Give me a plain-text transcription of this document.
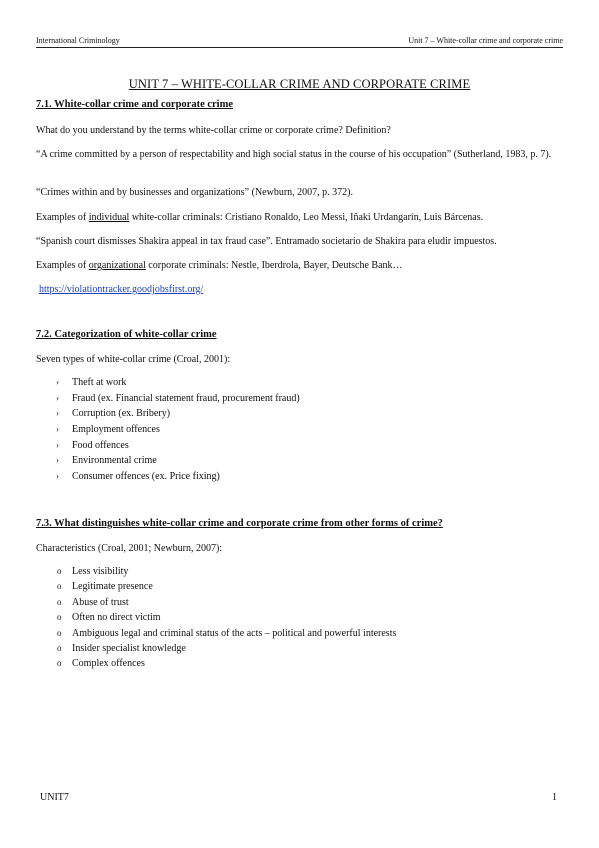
International Criminology	Unit 7 – White-collar crime and corporate crime
UNIT 7 – WHITE-COLLAR CRIME AND CORPORATE CRIME
7.1. White-collar crime and corporate crime
What do you understand by the terms white-collar crime or corporate crime? Definition?
“A crime committed by a person of respectability and high social status in the course of his occupation” (Sutherland, 1983, p. 7).
“Crimes within and by businesses and organizations” (Newburn, 2007, p. 372).
Examples of individual white-collar criminals: Cristiano Ronaldo, Leo Messi, Iñaki Urdangarín, Luis Bárcenas.
“Spanish court dismisses Shakira appeal in tax fraud case”. Entramado societario de Shakira para eludir impuestos.
Examples of organizational corporate criminals: Nestle, Iberdrola, Bayer, Deutsche Bank…
https://violationtracker.goodjobsfirst.org/
7.2. Categorization of white-collar crime
Seven types of white-collar crime (Croal, 2001):
› Theft at work
› Fraud (ex. Financial statement fraud, procurement fraud)
› Corruption (ex. Bribery)
› Employment offences
› Food offences
› Environmental crime
› Consumer offences (ex. Price fixing)
7.3. What distinguishes white-collar crime and corporate crime from other forms of crime?
Characteristics (Croal, 2001; Newburn, 2007):
o Less visibility
o Legitimate presence
o Abuse of trust
o Often no direct victim
o Ambiguous legal and criminal status of the acts – political and powerful interests
o Insider specialist knowledge
o Complex offences
UNIT7	1
